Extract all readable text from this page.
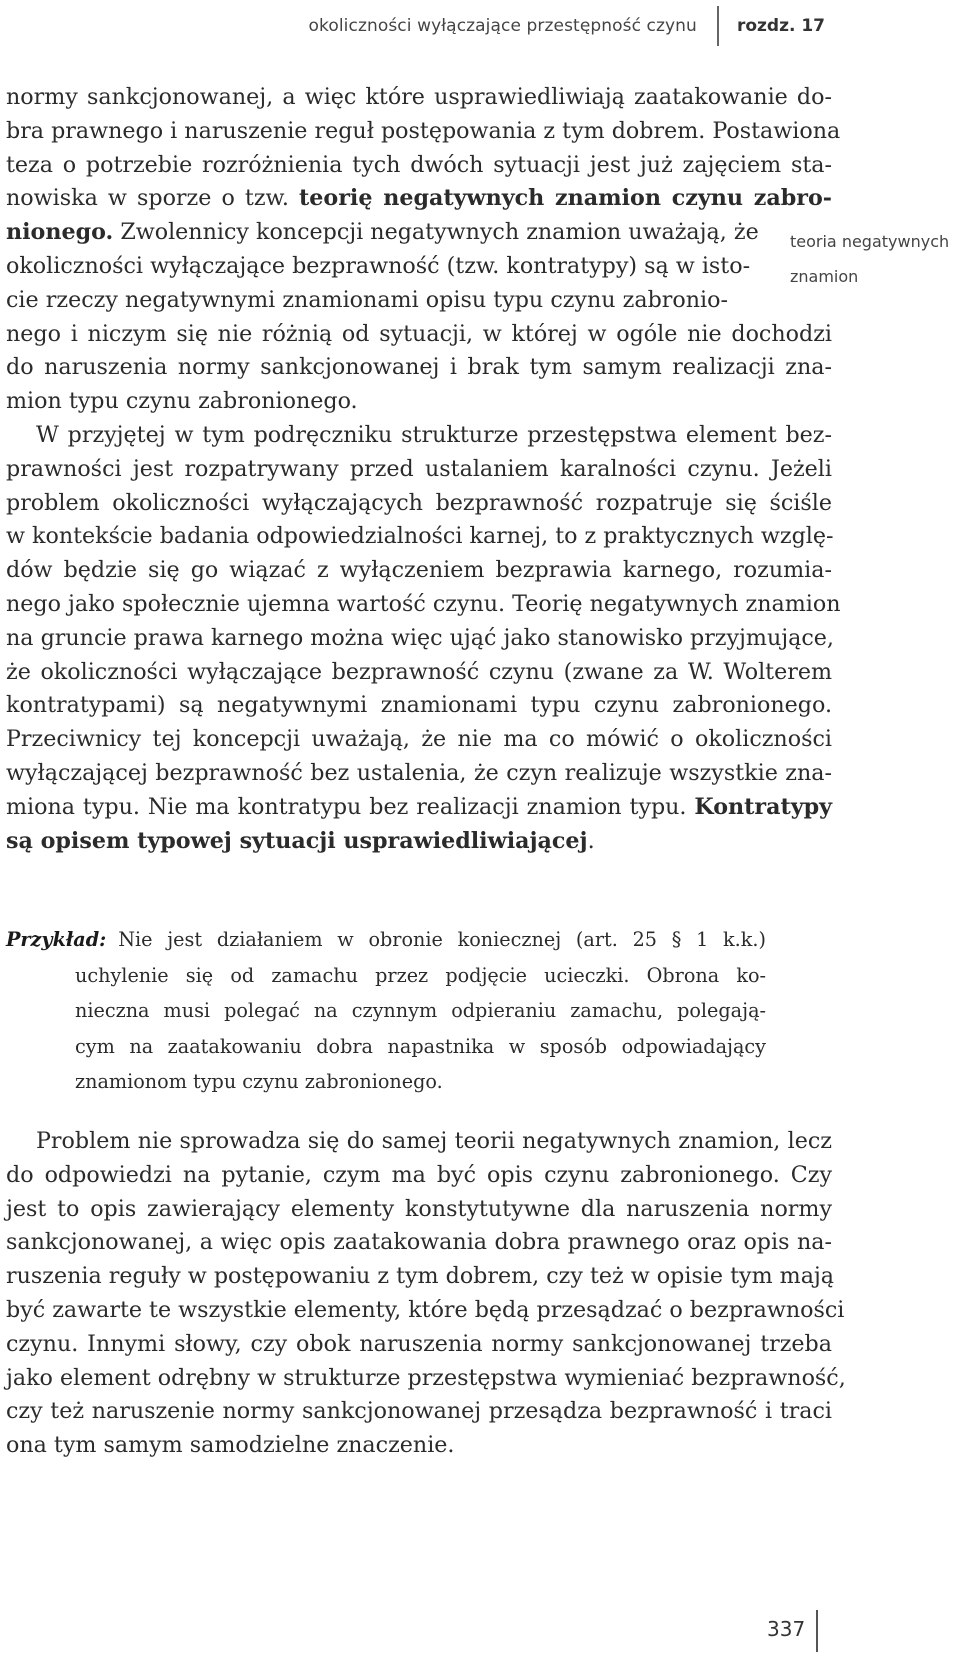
okoliczności wyłączające przestępność czynu rozdz. 17
normy sankcjonowanej, a więc które usprawiedliwiają zaatakowanie do-
bra prawnego i naruszenie reguł postępowania z tym dobrem. Postawiona
teza o potrzebie rozróżnienia tych dwóch sytuacji jest już zajęciem sta-
nowiska w sporze o tzw. teorię negatywnych znamion czynu zabro-
nionego. Zwolennicy koncepcji negatywnych znamion uważają, że
okoliczności wyłączające bezprawność (tzw. kontratypy) są w isto-
cie rzeczy negatywnymi znamionami opisu typu czynu zabronio-
nego i niczym się nie różnią od sytuacji, w której w ogóle nie dochodzi
do naruszenia normy sankcjonowanej i brak tym samym realizacji zna-
mion typu czynu zabronionego.
W przyjętej w tym podręczniku strukturze przestępstwa element bez-
prawności jest rozpatrywany przed ustalaniem karalności czynu. Jeżeli
problem okoliczności wyłączających bezprawność rozpatruje się ściśle
w kontekście badania odpowiedzialności karnej, to z praktycznych wzglę-
dów będzie się go wiązać z wyłączeniem bezprawia karnego, rozumia-
nego jako społecznie ujemna wartość czynu. Teorię negatywnych znamion
na gruncie prawa karnego można więc ująć jako stanowisko przyjmujące,
że okoliczności wyłączające bezprawność czynu (zwane za W. Wolterem
kontratypami) są negatywnymi znamionami typu czynu zabronionego.
Przeciwnicy tej koncepcji uważają, że nie ma co mówić o okoliczności
wyłączającej bezprawność bez ustalenia, że czyn realizuje wszystkie zna-
miona typu. Nie ma kontratypu bez realizacji znamion typu. Kontratypy
są opisem typowej sytuacji usprawiedliwiającej.
teoria negatywnych
znamion
Przykład: Nie jest działaniem w obronie koniecznej (art. 25 § 1 k.k.)
uchylenie się od zamachu przez podjęcie ucieczki. Obrona ko-
nieczna musi polegać na czynnym odpieraniu zamachu, polegają-
cym na zaatakowaniu dobra napastnika w sposób odpowiadający
znamionom typu czynu zabronionego.
Problem nie sprowadza się do samej teorii negatywnych znamion, lecz
do odpowiedzi na pytanie, czym ma być opis czynu zabronionego. Czy
jest to opis zawierający elementy konstytutywne dla naruszenia normy
sankcjonowanej, a więc opis zaatakowania dobra prawnego oraz opis na-
ruszenia reguły w postępowaniu z tym dobrem, czy też w opisie tym mają
być zawarte te wszystkie elementy, które będą przesądzać o bezprawności
czynu. Innymi słowy, czy obok naruszenia normy sankcjonowanej trzeba
jako element odrębny w strukturze przestępstwa wymieniać bezprawność,
czy też naruszenie normy sankcjonowanej przesądza bezprawność i traci
ona tym samym samodzielne znaczenie.
337
